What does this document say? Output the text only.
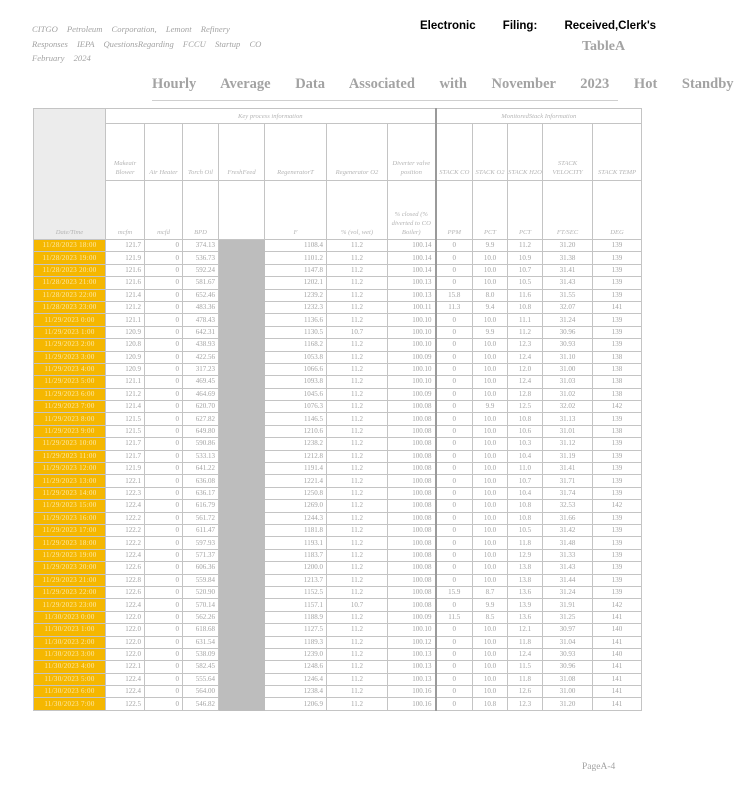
CITGO Petroleum Corporation, Lemont Refinery
Responses IEPA QuestionsRegarding FCCU Startup CO
February 2024
Electronic Filing: Received,Clerk's
TableA
Hourly Average Data Associated with November 2023 Hot Standby
Date/Time	Key process information							MonitoredStack Information				
	Makeair Blower	Air Heater	Torch Oil	FreshFeed	RegeneratorT	Regenerator O2	Diverter valve position	STACK CO	STACK O2	STACK H2O	STACK VELOCITY	STACK TEMP
	mcfm	mcfd	BPD		F	% (vol, wet)	% closed (% diverted to CO Boiler)	PPM	PCT	PCT	FT/SEC	DEG
11/28/2023 18:00	121.7	0	374.13		1108.4	11.2	100.14	0	9.9	11.2	31.20	139
11/28/2023 19:00	121.9	0	536.73		1101.2	11.2	100.14	0	10.0	10.9	31.38	139
11/28/2023 20:00	121.6	0	592.24		1147.8	11.2	100.14	0	10.0	10.7	31.41	139
11/28/2023 21:00	121.6	0	581.67		1202.1	11.2	100.13	0	10.0	10.5	31.43	139
11/28/2023 22:00	121.4	0	652.46		1239.2	11.2	100.13	15.8	8.0	11.6	31.55	139
11/28/2023 23:00	121.2	0	483.36		1232.3	11.2	100.11	11.3	9.4	10.8	32.07	141
11/29/2023 0:00	121.1	0	478.43		1136.6	11.2	100.10	0	10.0	11.1	31.24	139
11/29/2023 1:00	120.9	0	642.31		1130.5	10.7	100.10	0	9.9	11.2	30.96	139
11/29/2023 2:00	120.8	0	438.93		1168.2	11.2	100.10	0	10.0	12.3	30.93	139
11/29/2023 3:00	120.9	0	422.56		1053.8	11.2	100.09	0	10.0	12.4	31.10	138
11/29/2023 4:00	120.9	0	317.23		1066.6	11.2	100.10	0	10.0	12.0	31.00	138
11/29/2023 5:00	121.1	0	469.45		1093.8	11.2	100.10	0	10.0	12.4	31.03	138
11/29/2023 6:00	121.2	0	464.69		1045.6	11.2	100.09	0	10.0	12.8	31.02	138
11/29/2023 7:00	121.4	0	620.70		1076.3	11.2	100.08	0	9.9	12.5	32.02	142
11/29/2023 8:00	121.5	0	627.82		1146.5	11.2	100.08	0	10.0	10.8	31.13	139
11/29/2023 9:00	121.5	0	649.80		1210.6	11.2	100.08	0	10.0	10.6	31.01	138
11/29/2023 10:00	121.7	0	590.86		1238.2	11.2	100.08	0	10.0	10.3	31.12	139
11/29/2023 11:00	121.7	0	533.13		1212.8	11.2	100.08	0	10.0	10.4	31.19	139
11/29/2023 12:00	121.9	0	641.22		1191.4	11.2	100.08	0	10.0	11.0	31.41	139
11/29/2023 13:00	122.1	0	636.08		1221.4	11.2	100.08	0	10.0	10.7	31.71	139
11/29/2023 14:00	122.3	0	636.17		1250.8	11.2	100.08	0	10.0	10.4	31.74	139
11/29/2023 15:00	122.4	0	616.79		1269.0	11.2	100.08	0	10.0	10.8	32.53	142
11/29/2023 16:00	122.2	0	561.72		1244.3	11.2	100.08	0	10.0	10.8	31.66	139
11/29/2023 17:00	122.2	0	611.47		1181.8	11.2	100.08	0	10.0	10.5	31.42	139
11/29/2023 18:00	122.2	0	597.93		1193.1	11.2	100.08	0	10.0	11.8	31.48	139
11/29/2023 19:00	122.4	0	571.37		1183.7	11.2	100.08	0	10.0	12.9	31.33	139
11/29/2023 20:00	122.6	0	606.36		1200.0	11.2	100.08	0	10.0	13.8	31.43	139
11/29/2023 21:00	122.8	0	559.84		1213.7	11.2	100.08	0	10.0	13.8	31.44	139
11/29/2023 22:00	122.6	0	520.90		1152.5	11.2	100.08	15.9	8.7	13.6	31.24	139
11/29/2023 23:00	122.4	0	570.14		1157.1	10.7	100.08	0	9.9	13.9	31.91	142
11/30/2023 0:00	122.0	0	562.26		1188.9	11.2	100.09	11.5	8.5	13.6	31.25	141
11/30/2023 1:00	122.0	0	618.68		1127.5	11.2	100.10	0	10.0	12.1	30.97	140
11/30/2023 2:00	122.0	0	631.54		1189.3	11.2	100.12	0	10.0	11.8	31.04	141
11/30/2023 3:00	122.0	0	538.09		1239.0	11.2	100.13	0	10.0	12.4	30.93	140
11/30/2023 4:00	122.1	0	582.45		1248.6	11.2	100.13	0	10.0	11.5	30.96	141
11/30/2023 5:00	122.4	0	555.64		1246.4	11.2	100.13	0	10.0	11.8	31.08	141
11/30/2023 6:00	122.4	0	564.00		1238.4	11.2	100.16	0	10.0	12.6	31.00	141
11/30/2023 7:00	122.5	0	546.82		1206.9	11.2	100.16	0	10.8	12.3	31.20	141
PageA-4
